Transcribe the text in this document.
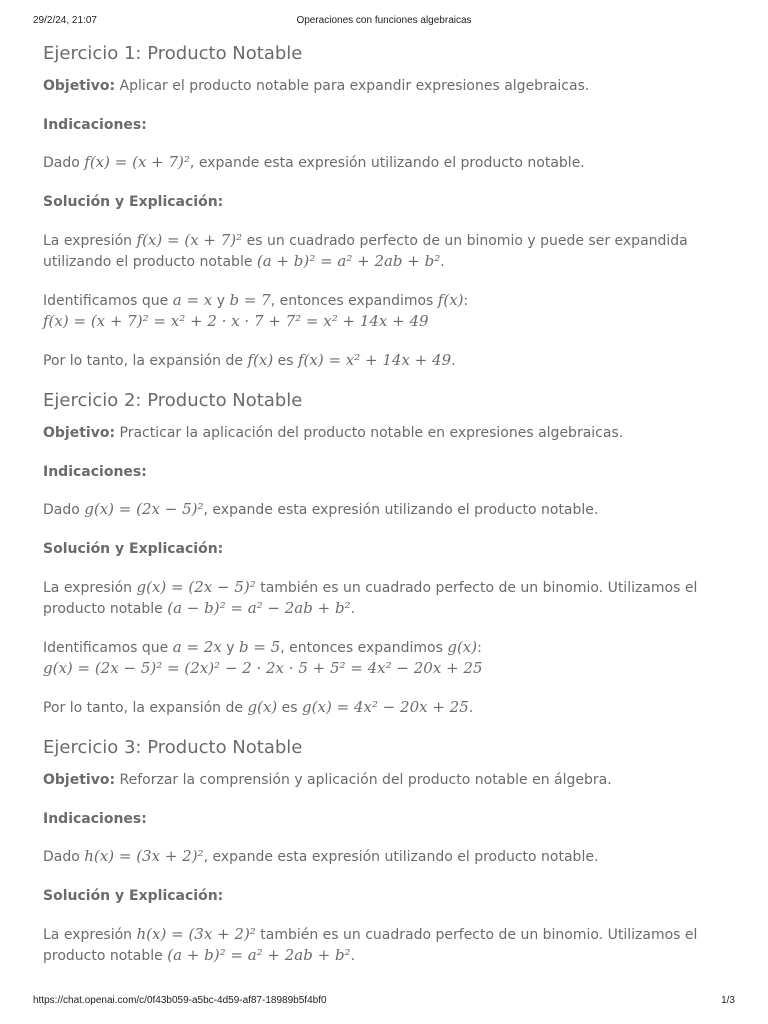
29/2/24, 21:07	Operaciones con funciones algebraicas
Ejercicio 1: Producto Notable

Objetivo: Aplicar el producto notable para expandir expresiones algebraicas.

Indicaciones:

Dado f(x) = (x + 7)², expande esta expresión utilizando el producto notable.

Solución y Explicación:

La expresión f(x) = (x + 7)² es un cuadrado perfecto de un binomio y puede ser expandida utilizando el producto notable (a + b)² = a² + 2ab + b².

Identificamos que a = x y b = 7, entonces expandimos f(x):
f(x) = (x + 7)² = x² + 2 · x · 7 + 7² = x² + 14x + 49

Por lo tanto, la expansión de f(x) es f(x) = x² + 14x + 49.

Ejercicio 2: Producto Notable

Objetivo: Practicar la aplicación del producto notable en expresiones algebraicas.

Indicaciones:

Dado g(x) = (2x − 5)², expande esta expresión utilizando el producto notable.

Solución y Explicación:

La expresión g(x) = (2x − 5)² también es un cuadrado perfecto de un binomio. Utilizamos el producto notable (a − b)² = a² − 2ab + b².

Identificamos que a = 2x y b = 5, entonces expandimos g(x):
g(x) = (2x − 5)² = (2x)² − 2 · 2x · 5 + 5² = 4x² − 20x + 25

Por lo tanto, la expansión de g(x) es g(x) = 4x² − 20x + 25.

Ejercicio 3: Producto Notable

Objetivo: Reforzar la comprensión y aplicación del producto notable en álgebra.

Indicaciones:

Dado h(x) = (3x + 2)², expande esta expresión utilizando el producto notable.

Solución y Explicación:

La expresión h(x) = (3x + 2)² también es un cuadrado perfecto de un binomio. Utilizamos el producto notable (a + b)² = a² + 2ab + b².

https://chat.openai.com/c/0f43b059-a5bc-4d59-af87-18989b5f4bf0	1/3
